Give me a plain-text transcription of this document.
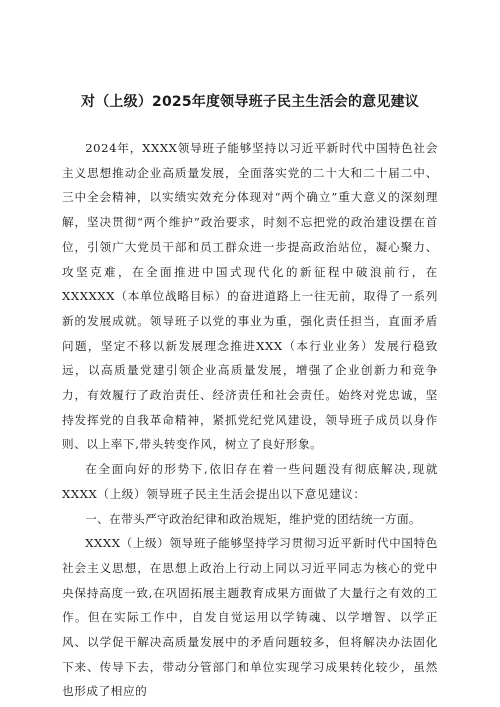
对（上级）2025年度领导班子民主生活会的意见建议

2024年，XXXX领导班子能够坚持以习近平新时代中国特色社会主义思想推动企业高质量发展，全面落实党的二十大和二十届二中、三中全会精神，以实绩实效充分体现对“两个确立”重大意义的深刻理解，坚决贯彻“两个维护”政治要求，时刻不忘把党的政治建设摆在首位，引领广大党员干部和员工群众进一步提高政治站位，凝心聚力、攻坚克难，在全面推进中国式现代化的新征程中破浪前行，在XXXXXX（本单位战略目标）的奋进道路上一往无前，取得了一系列新的发展成就。领导班子以党的事业为重，强化责任担当，直面矛盾问题，坚定不移以新发展理念推进XXX（本行业业务）发展行稳致远，以高质量党建引领企业高质量发展，增强了企业创新力和竞争力，有效履行了政治责任、经济责任和社会责任。始终对党忠诚，坚持发挥党的自我革命精神，紧抓党纪党风建设，领导班子成员以身作则、以上率下,带头转变作风，树立了良好形象。

在全面向好的形势下,依旧存在着一些问题没有彻底解决,现就XXXX（上级）领导班子民主生活会提出以下意见建议：

一、在带头严守政治纪律和政治规矩，维护党的团结统一方面。

XXXX（上级）领导班子能够坚持学习贯彻习近平新时代中国特色社会主义思想，在思想上政治上行动上同以习近平同志为核心的党中央保持高度一致,在巩固拓展主题教育成果方面做了大量行之有效的工作。但在实际工作中，自发自觉运用以学铸魂、以学增智、以学正风、以学促干解决高质量发展中的矛盾问题较多，但将解决办法固化下来、传导下去，带动分管部门和单位实现学习成果转化较少，虽然也形成了相应的
